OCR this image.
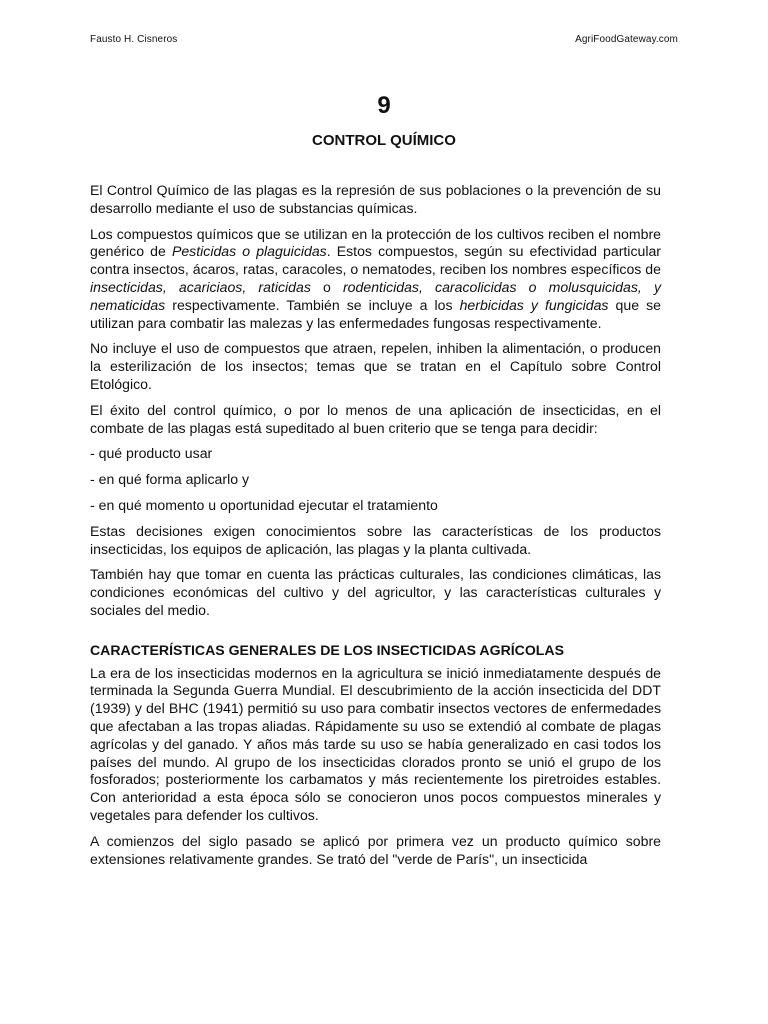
Fausto H. Cisneros	AgriFoodGateway.com
9
CONTROL QUÍMICO

El Control Químico de las plagas es la represión de sus poblaciones o la prevención de su desarrollo mediante el uso de substancias químicas.

Los compuestos químicos que se utilizan en la protección de los cultivos reciben el nombre genérico de Pesticidas o plaguicidas. Estos compuestos, según su efectividad particular contra insectos, ácaros, ratas, caracoles, o nematodes, reciben los nombres específicos de insecticidas, acariciaos, raticidas o rodenticidas, caracolicidas o molusquicidas, y nematicidas respectivamente. También se incluye a los herbicidas y fungicidas que se utilizan para combatir las malezas y las enfermedades fungosas respectivamente.

No incluye el uso de compuestos que atraen, repelen, inhiben la alimentación, o producen la esterilización de los insectos; temas que se tratan en el Capítulo sobre Control Etológico.

El éxito del control químico, o por lo menos de una aplicación de insecticidas, en el combate de las plagas está supeditado al buen criterio que se tenga para decidir:

- qué producto usar

- en qué forma aplicarlo y

- en qué momento u oportunidad ejecutar el tratamiento

Estas decisiones exigen conocimientos sobre las características de los productos insecticidas, los equipos de aplicación, las plagas y la planta cultivada.

También hay que tomar en cuenta las prácticas culturales, las condiciones climáticas, las condiciones económicas del cultivo y del agricultor, y las características culturales y sociales del medio.

CARACTERÍSTICAS GENERALES DE LOS INSECTICIDAS AGRÍCOLAS

La era de los insecticidas modernos en la agricultura se inició inmediatamente después de terminada la Segunda Guerra Mundial. El descubrimiento de la acción insecticida del DDT (1939) y del BHC (1941) permitió su uso para combatir insectos vectores de enfermedades que afectaban a las tropas aliadas. Rápidamente su uso se extendió al combate de plagas agrícolas y del ganado. Y años más tarde su uso se había generalizado en casi todos los países del mundo. Al grupo de los insecticidas clorados pronto se unió el grupo de los fosforados; posteriormente los carbamatos y más recientemente los piretroides estables. Con anterioridad a esta época sólo se conocieron unos pocos compuestos minerales y vegetales para defender los cultivos.

A comienzos del siglo pasado se aplicó por primera vez un producto químico sobre extensiones relativamente grandes. Se trató del "verde de París", un insecticida
